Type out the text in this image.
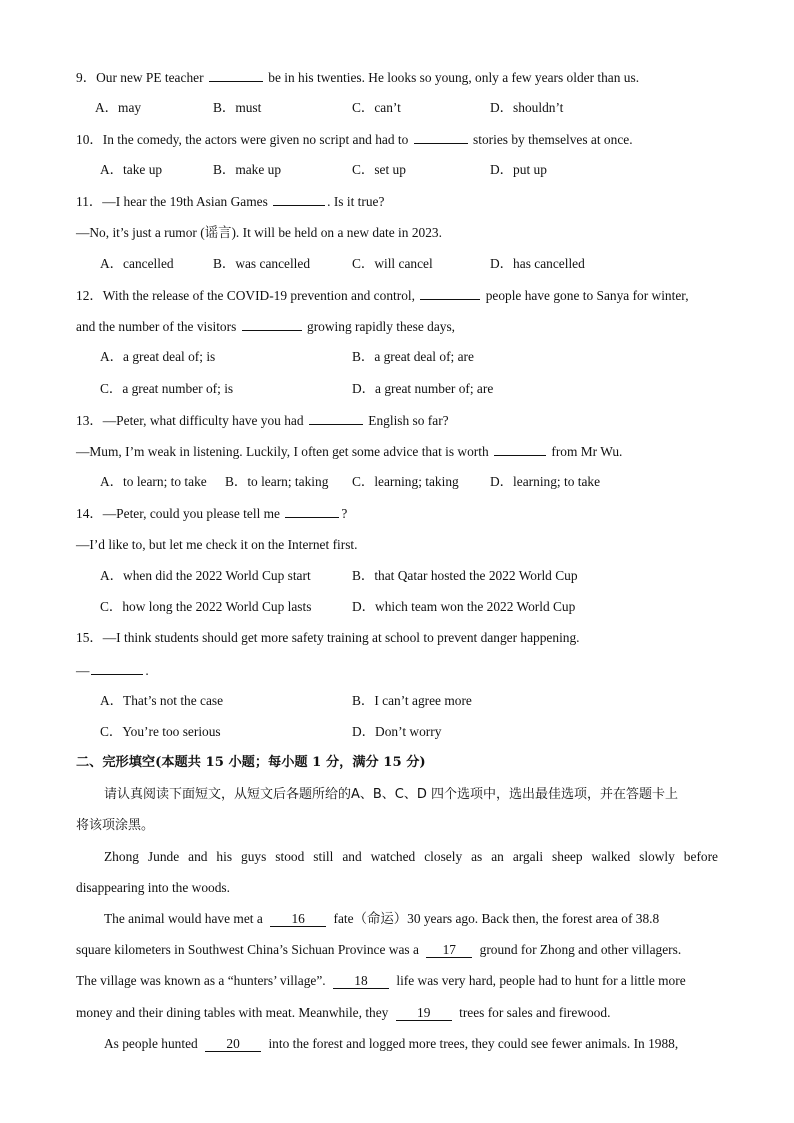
9．Our new PE teacher	be in his twenties. He looks so young, only a few years older than us.
A．may	B．must	C．can’t	D．shouldn’t
10．In the comedy, the actors were given no script and had to	stories by themselves at once.
A．take up	B．make up	C．set up	D．put up
11．—I hear the 19th Asian Games	. Is it true?
—No, it’s just a rumor (谣言). It will be held on a new date in 2023.
A．cancelled	B．was cancelled	C．will cancel	D．has cancelled
12．With the release of the COVID-19 prevention and control,	people have gone to Sanya for winter,
and the number of the visitors	growing rapidly these days,
A．a great deal of; is	B．a great deal of; are
C．a great number of; is	D．a great number of; are
13．—Peter, what difficulty have you had	English so far?
—Mum, I’m weak in listening. Luckily, I often get some advice that is worth	from Mr Wu.
A．to learn; to take B．to learn; taking C．learning; taking D．learning; to take
14．—Peter, could you please tell me	?
—I’d like to, but let me check it on the Internet first.
A．when did the 2022 World Cup start	B．that Qatar hosted the 2022 World Cup
C．how long the 2022 World Cup lasts	D．which team won the 2022 World Cup
15．—I think students should get more safety training at school to prevent danger happening.
—	.
A．That’s not the case	B．I can’t agree more
C．You’re too serious	D．Don’t worry
二、完形填空(本题共 15 小题；每小题 1 分，满分 15 分)
请认真阅读下面短文，从短文后各题所给的A、B、C、D 四个选项中，选出最佳选项，并在答题卡上
将该项涂黑。
Zhong Junde and his guys stood still and watched closely as an argali sheep walked slowly before
disappearing into the woods.
The animal would have met a 16 fate（命运）30 years ago. Back then, the forest area of 38.8
square kilometers in Southwest China’s Sichuan Province was a 17 ground for Zhong and other villagers.
The village was known as a “hunters’ village”. 18 life was very hard, people had to hunt for a little more
money and their dining tables with meat. Meanwhile, they 19 trees for sales and firewood.
As people hunted 20 into the forest and logged more trees, they could see fewer animals. In 1988,
